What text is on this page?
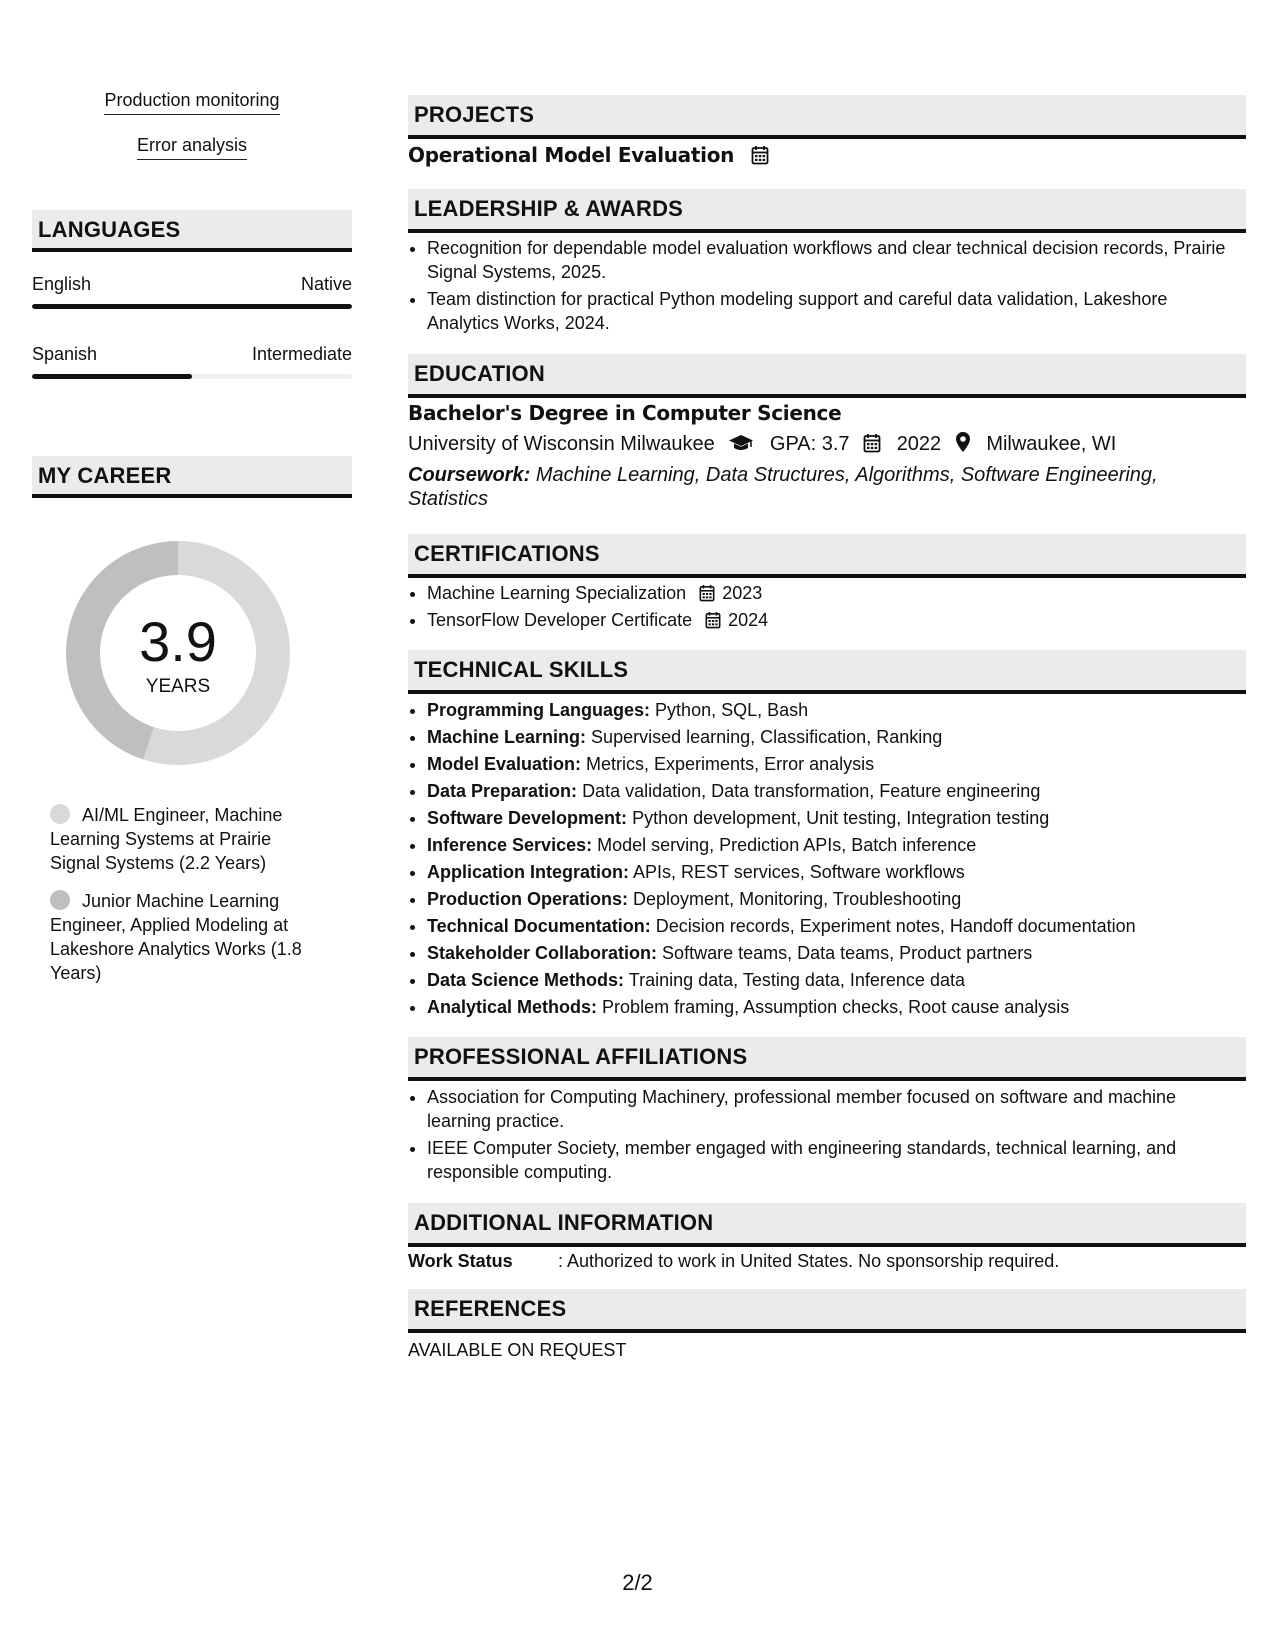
Production monitoring
Error analysis
LANGUAGES
English	Native
Spanish	Intermediate
MY CAREER
3.9
YEARS
AI/ML Engineer, Machine Learning Systems at Prairie Signal Systems (2.2 Years)
Junior Machine Learning Engineer, Applied Modeling at Lakeshore Analytics Works (1.8 Years)
PROJECTS
Operational Model Evaluation
LEADERSHIP & AWARDS
• Recognition for dependable model evaluation workflows and clear technical decision records, Prairie Signal Systems, 2025.
• Team distinction for practical Python modeling support and careful data validation, Lakeshore Analytics Works, 2024.
EDUCATION
Bachelor's Degree in Computer Science
University of Wisconsin Milwaukee	GPA: 3.7 2022 Milwaukee, WI
Coursework: Machine Learning, Data Structures, Algorithms, Software Engineering, Statistics
CERTIFICATIONS
• Machine Learning Specialization 2023
• TensorFlow Developer Certificate 2024
TECHNICAL SKILLS
• Programming Languages: Python, SQL, Bash
• Machine Learning: Supervised learning, Classification, Ranking
• Model Evaluation: Metrics, Experiments, Error analysis
• Data Preparation: Data validation, Data transformation, Feature engineering
• Software Development: Python development, Unit testing, Integration testing
• Inference Services: Model serving, Prediction APIs, Batch inference
• Application Integration: APIs, REST services, Software workflows
• Production Operations: Deployment, Monitoring, Troubleshooting
• Technical Documentation: Decision records, Experiment notes, Handoff documentation
• Stakeholder Collaboration: Software teams, Data teams, Product partners
• Data Science Methods: Training data, Testing data, Inference data
• Analytical Methods: Problem framing, Assumption checks, Root cause analysis
PROFESSIONAL AFFILIATIONS
• Association for Computing Machinery, professional member focused on software and machine learning practice.
• IEEE Computer Society, member engaged with engineering standards, technical learning, and responsible computing.
ADDITIONAL INFORMATION
Work Status	: Authorized to work in United States. No sponsorship required.
REFERENCES
AVAILABLE ON REQUEST
2/2
